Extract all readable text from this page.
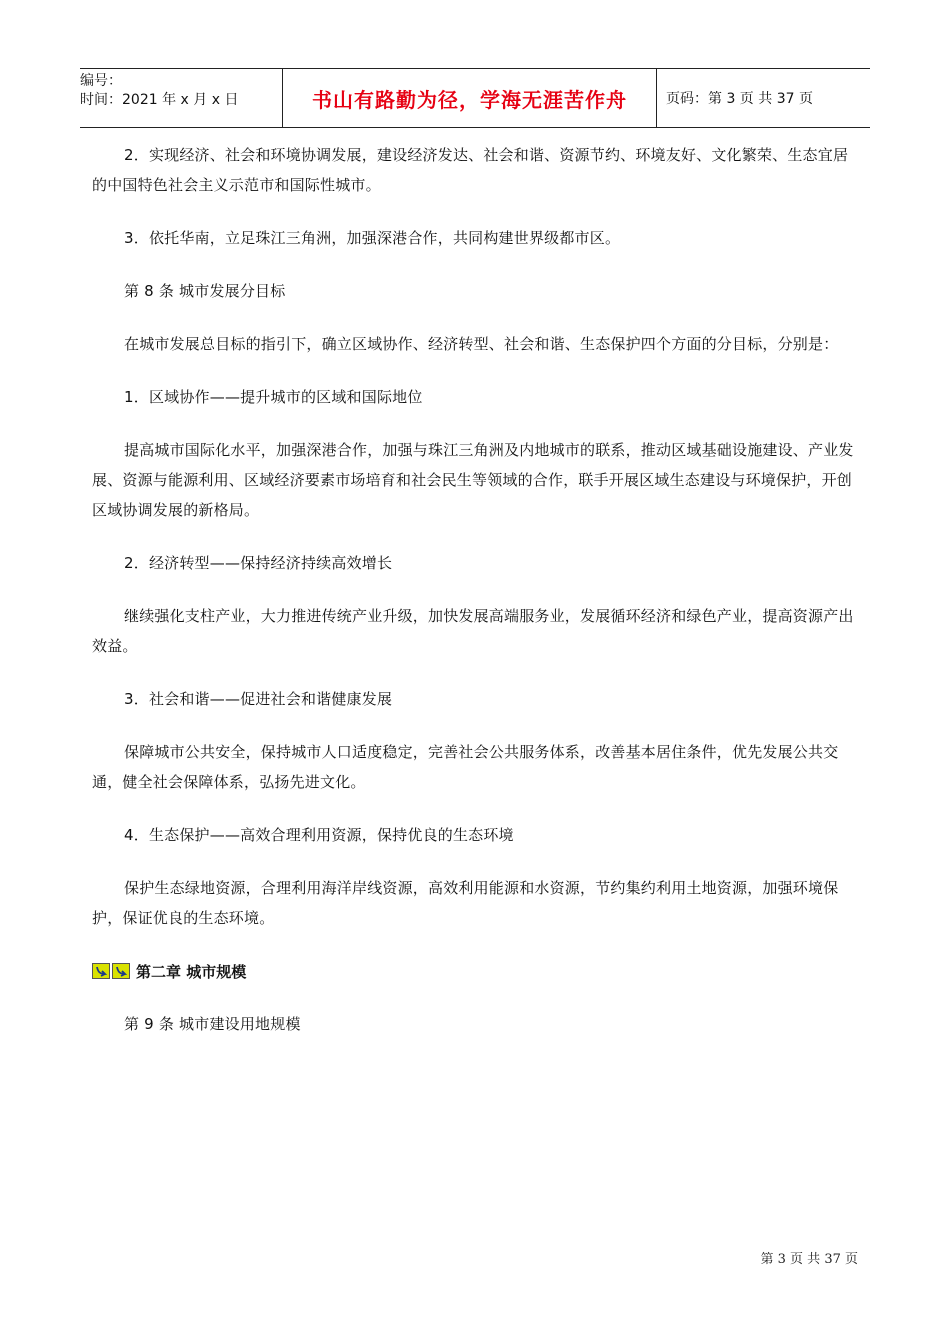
编号：
时间：2021 年 x 月 x 日	书山有路勤为径，学海无涯苦作舟	页码：第 3 页 共 37 页

2．实现经济、社会和环境协调发展，建设经济发达、社会和谐、资源节约、环境友好、文化繁荣、生态宜居的中国特色社会主义示范市和国际性城市。

3．依托华南，立足珠江三角洲，加强深港合作，共同构建世界级都市区。

第 8 条 城市发展分目标

在城市发展总目标的指引下，确立区域协作、经济转型、社会和谐、生态保护四个方面的分目标，分别是：

1．区域协作——提升城市的区域和国际地位

提高城市国际化水平，加强深港合作，加强与珠江三角洲及内地城市的联系，推动区域基础设施建设、产业发展、资源与能源利用、区域经济要素市场培育和社会民生等领域的合作，联手开展区域生态建设与环境保护，开创区域协调发展的新格局。

2．经济转型——保持经济持续高效增长

继续强化支柱产业，大力推进传统产业升级，加快发展高端服务业，发展循环经济和绿色产业，提高资源产出效益。

3．社会和谐——促进社会和谐健康发展

保障城市公共安全，保持城市人口适度稳定，完善社会公共服务体系，改善基本居住条件，优先发展公共交通，健全社会保障体系，弘扬先进文化。

4．生态保护——高效合理利用资源，保持优良的生态环境

保护生态绿地资源，合理利用海洋岸线资源，高效利用能源和水资源，节约集约利用土地资源，加强环境保护，保证优良的生态环境。

第二章 城市规模

第 9 条 城市建设用地规模

第 3 页 共 37 页
